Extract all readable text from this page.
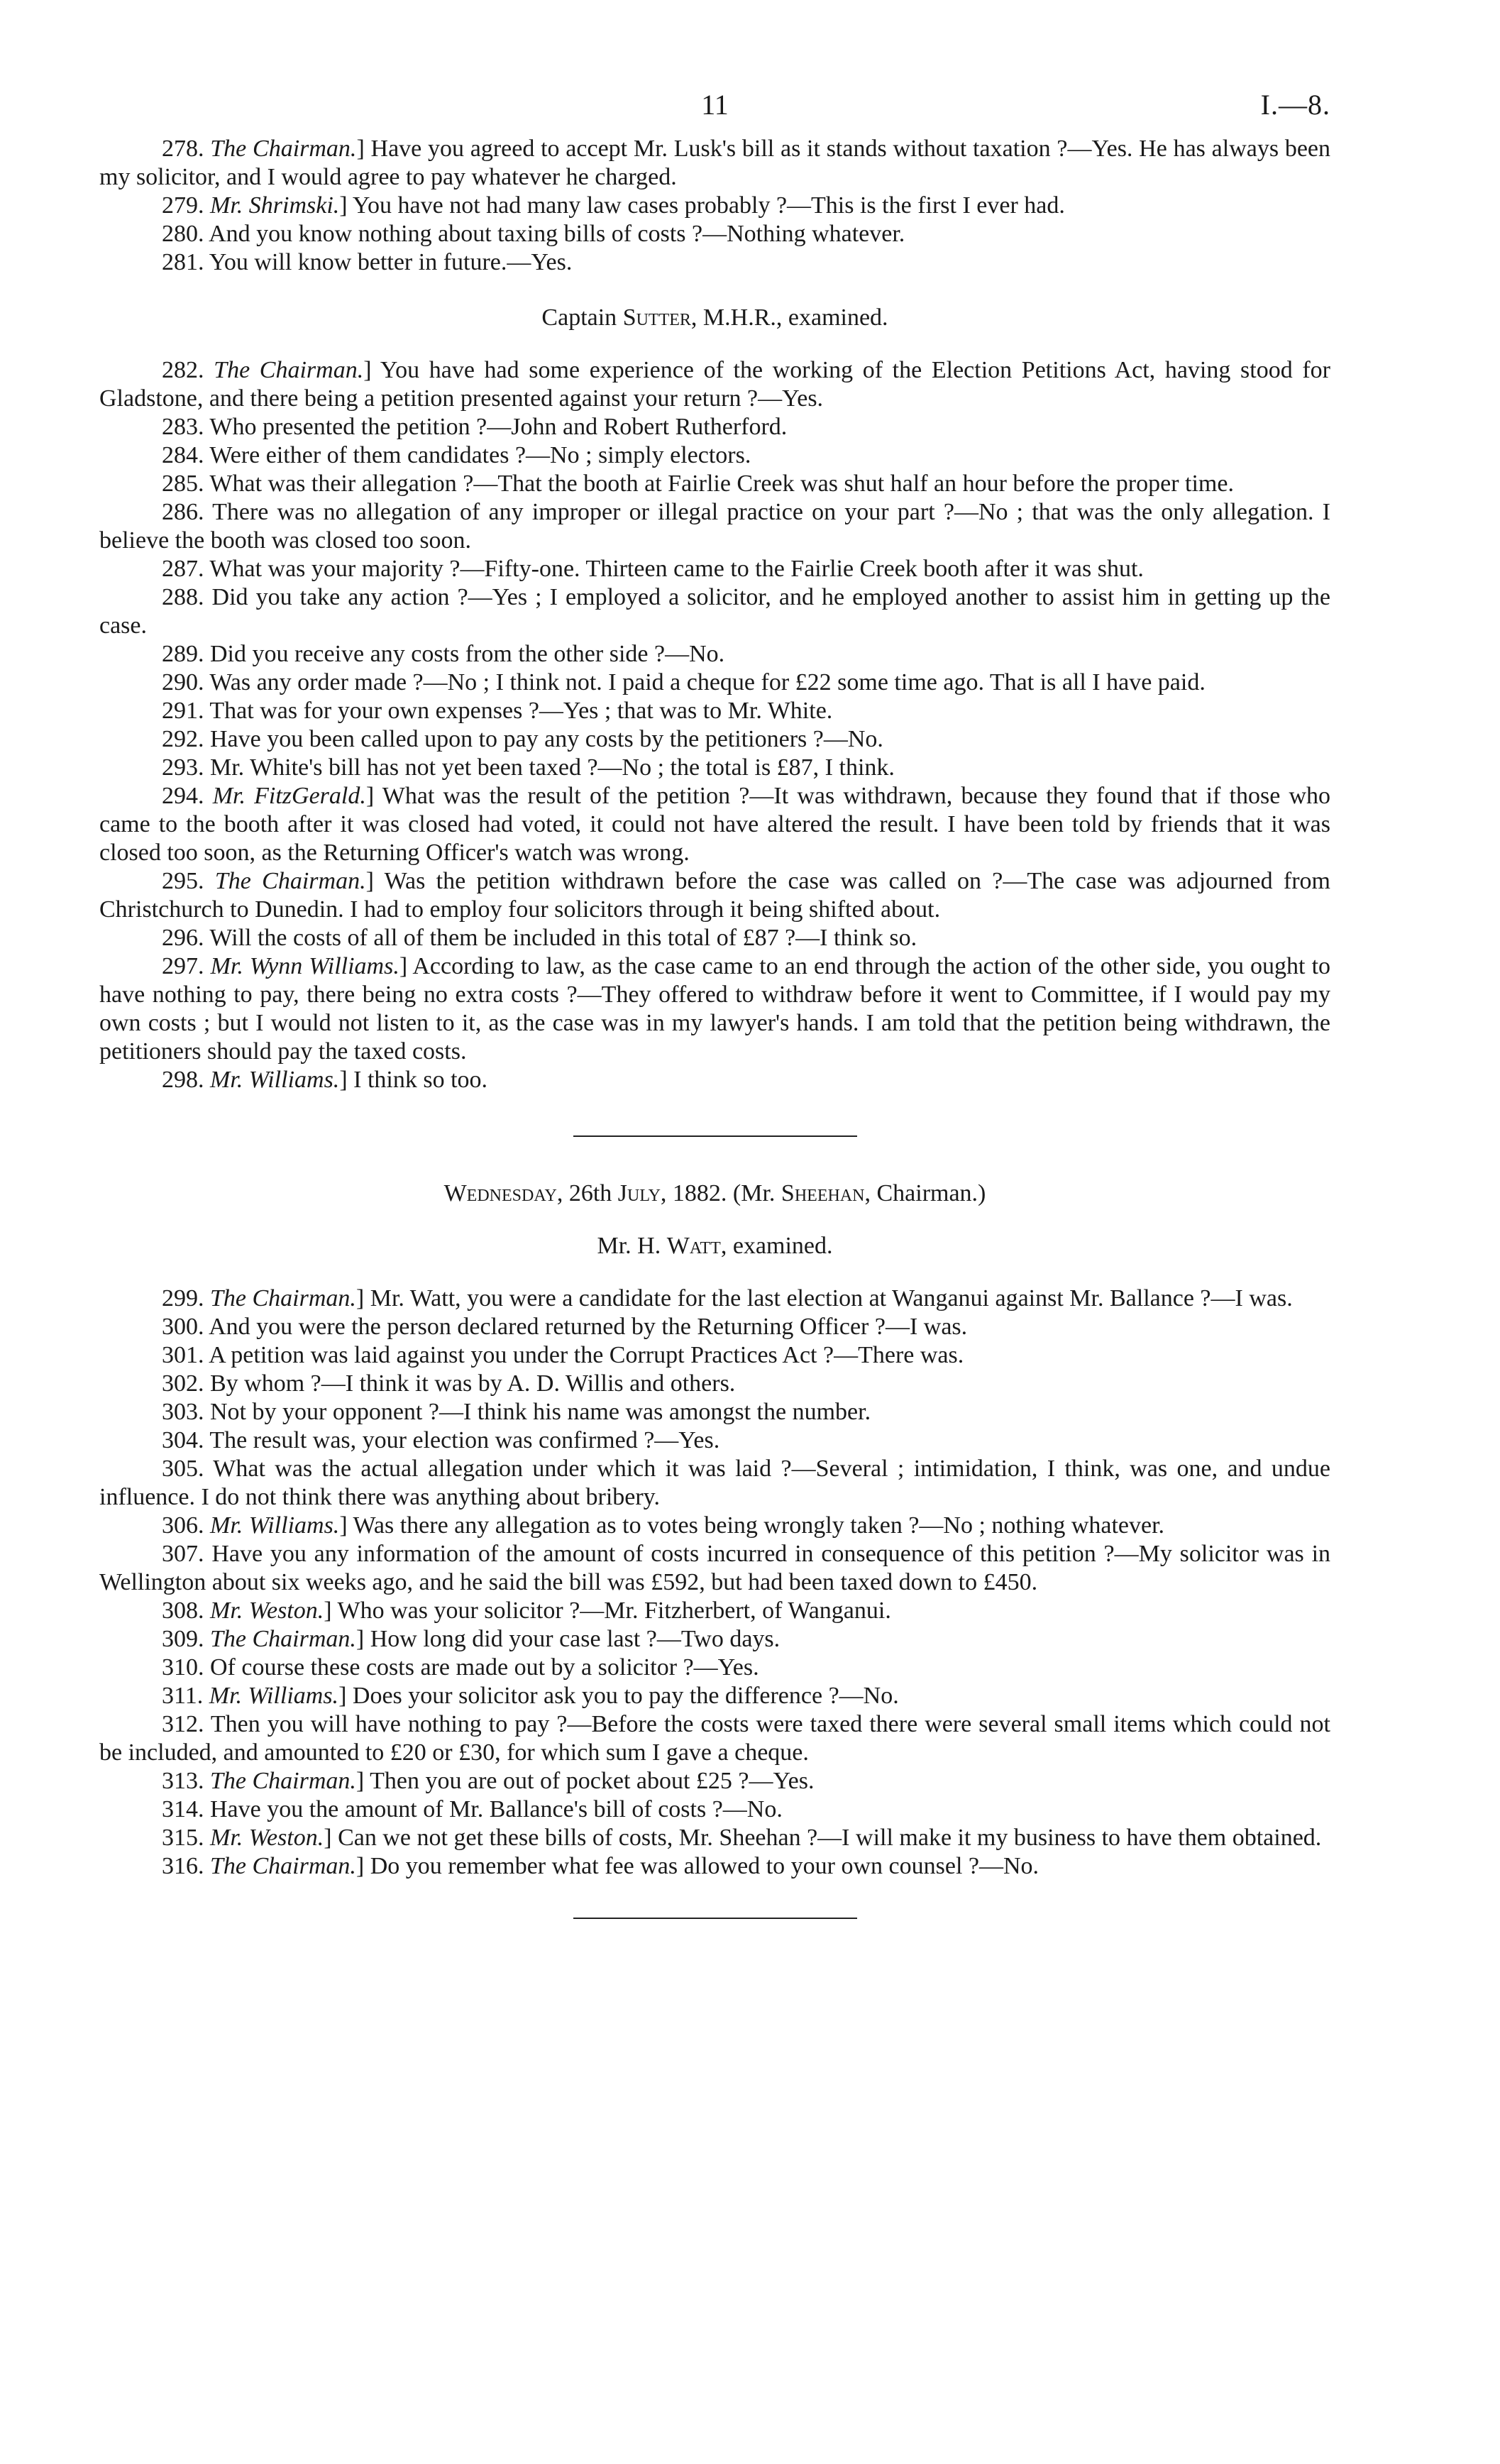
11	I.—8.

278. The Chairman.] Have you agreed to accept Mr. Lusk's bill as it stands without taxation ?—Yes. He has always been my solicitor, and I would agree to pay whatever he charged.

279. Mr. Shrimski.] You have not had many law cases probably ?—This is the first I ever had.

280. And you know nothing about taxing bills of costs ?—Nothing whatever.

281. You will know better in future.—Yes.

Captain Sutter, M.H.R., examined.

282. The Chairman.] You have had some experience of the working of the Election Petitions Act, having stood for Gladstone, and there being a petition presented against your return ?—Yes.

283. Who presented the petition ?—John and Robert Rutherford.

284. Were either of them candidates ?—No ; simply electors.

285. What was their allegation ?—That the booth at Fairlie Creek was shut half an hour before the proper time.

286. There was no allegation of any improper or illegal practice on your part ?—No ; that was the only allegation. I believe the booth was closed too soon.

287. What was your majority ?—Fifty-one. Thirteen came to the Fairlie Creek booth after it was shut.

288. Did you take any action ?—Yes ; I employed a solicitor, and he employed another to assist him in getting up the case.

289. Did you receive any costs from the other side ?—No.

290. Was any order made ?—No ; I think not. I paid a cheque for £22 some time ago. That is all I have paid.

291. That was for your own expenses ?—Yes ; that was to Mr. White.

292. Have you been called upon to pay any costs by the petitioners ?—No.

293. Mr. White's bill has not yet been taxed ?—No ; the total is £87, I think.

294. Mr. FitzGerald.] What was the result of the petition ?—It was withdrawn, because they found that if those who came to the booth after it was closed had voted, it could not have altered the result. I have been told by friends that it was closed too soon, as the Returning Officer's watch was wrong.

295. The Chairman.] Was the petition withdrawn before the case was called on ?—The case was adjourned from Christchurch to Dunedin. I had to employ four solicitors through it being shifted about.

296. Will the costs of all of them be included in this total of £87 ?—I think so.

297. Mr. Wynn Williams.] According to law, as the case came to an end through the action of the other side, you ought to have nothing to pay, there being no extra costs ?—They offered to withdraw before it went to Committee, if I would pay my own costs ; but I would not listen to it, as the case was in my lawyer's hands. I am told that the petition being withdrawn, the petitioners should pay the taxed costs.

298. Mr. Williams.] I think so too.

Wednesday, 26th July, 1882. (Mr. Sheehan, Chairman.)
Mr. H. Watt, examined.

299. The Chairman.] Mr. Watt, you were a candidate for the last election at Wanganui against Mr. Ballance ?—I was.

300. And you were the person declared returned by the Returning Officer ?—I was.

301. A petition was laid against you under the Corrupt Practices Act ?—There was.

302. By whom ?—I think it was by A. D. Willis and others.

303. Not by your opponent ?—I think his name was amongst the number.

304. The result was, your election was confirmed ?—Yes.

305. What was the actual allegation under which it was laid ?—Several ; intimidation, I think, was one, and undue influence. I do not think there was anything about bribery.

306. Mr. Williams.] Was there any allegation as to votes being wrongly taken ?—No ; nothing whatever.

307. Have you any information of the amount of costs incurred in consequence of this petition ?—My solicitor was in Wellington about six weeks ago, and he said the bill was £592, but had been taxed down to £450.

308. Mr. Weston.] Who was your solicitor ?—Mr. Fitzherbert, of Wanganui.

309. The Chairman.] How long did your case last ?—Two days.

310. Of course these costs are made out by a solicitor ?—Yes.

311. Mr. Williams.] Does your solicitor ask you to pay the difference ?—No.

312. Then you will have nothing to pay ?—Before the costs were taxed there were several small items which could not be included, and amounted to £20 or £30, for which sum I gave a cheque.

313. The Chairman.] Then you are out of pocket about £25 ?—Yes.

314. Have you the amount of Mr. Ballance's bill of costs ?—No.

315. Mr. Weston.] Can we not get these bills of costs, Mr. Sheehan ?—I will make it my business to have them obtained.

316. The Chairman.] Do you remember what fee was allowed to your own counsel ?—No.
